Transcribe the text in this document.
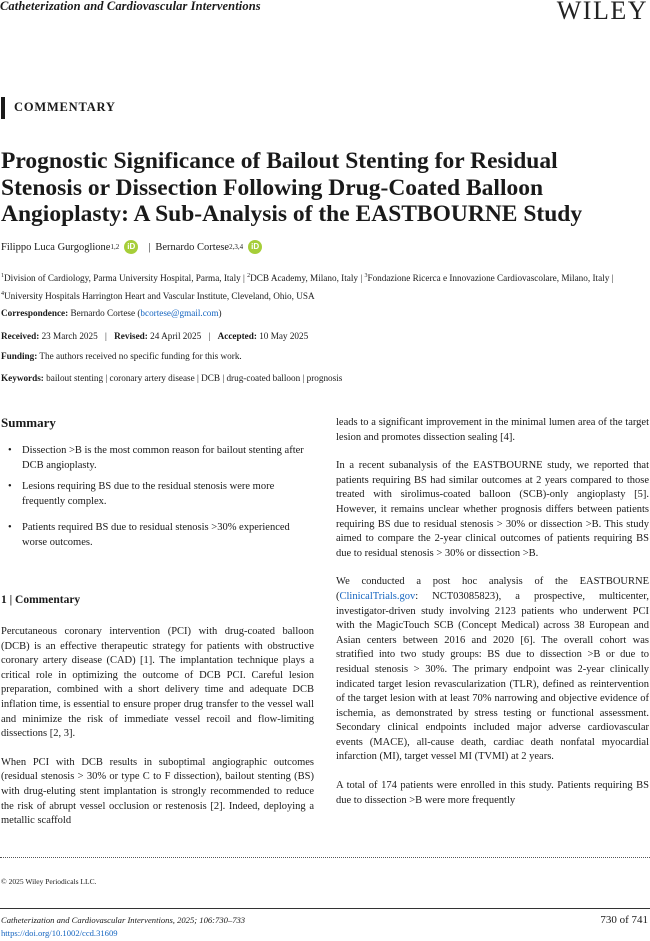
Catheterization and Cardiovascular Interventions	WILEY
COMMENTARY
Prognostic Significance of Bailout Stenting for Residual Stenosis or Dissection Following Drug-Coated Balloon Angioplasty: A Sub-Analysis of the EASTBOURNE Study
Filippo Luca Gurgoglione 1,2	iD | Bernardo Cortese 2,3,4	iD
$^1$Division of Cardiology, Parma University Hospital, Parma, Italy | $^2$DCB Academy, Milano, Italy | $^3$Fondazione Ricerca e Innovazione Cardiovascolare, Milano, Italy | $^4$University Hospitals Harrington Heart and Vascular Institute, Cleveland, Ohio, USA
Correspondence: Bernardo Cortese (bcortese@gmail.com)
Received: 23 March 2025 | Revised: 24 April 2025 | Accepted: 10 May 2025
Funding: The authors received no specific funding for this work.
Keywords: bailout stenting | coronary artery disease | DCB | drug-coated balloon | prognosis
Summary
• Dissection >B is the most common reason for bailout stenting after DCB angioplasty.
• Lesions requiring BS due to the residual stenosis were more frequently complex.
• Patients required BS due to residual stenosis >30% experienced worse outcomes.
1 | Commentary

Percutaneous coronary intervention (PCI) with drug-coated balloon (DCB) is an effective therapeutic strategy for patients with obstructive coronary artery disease (CAD) [1]. The implantation technique plays a critical role in optimizing the outcome of DCB PCI. Careful lesion preparation, combined with a short delivery time and adequate DCB inflation time, is essential to ensure proper drug transfer to the vessel wall and minimize the risk of immediate vessel recoil and flow-limiting dissections [2, 3].

When PCI with DCB results in suboptimal angiographic outcomes (residual stenosis > 30% or type C to F dissection), bailout stenting (BS) with drug-eluting stent implantation is strongly recommended to reduce the risk of abrupt vessel occlusion or restenosis [2]. Indeed, deploying a metallic scaffold

leads to a significant improvement in the minimal lumen area of the target lesion and promotes dissection sealing [4].

In a recent subanalysis of the EASTBOURNE study, we reported that patients requiring BS had similar outcomes at 2 years compared to those treated with sirolimus-coated balloon (SCB)-only angioplasty [5]. However, it remains unclear whether prognosis differs between patients requiring BS due to residual stenosis > 30% or dissection >B. This study aimed to compare the 2-year clinical outcomes of patients requiring BS due to residual stenosis > 30% or dissection >B.

We conducted a post hoc analysis of the EASTBOURNE (ClinicalTrials.gov: NCT03085823), a prospective, multicenter, investigator-driven study involving 2123 patients who underwent PCI with the MagicTouch SCB (Concept Medical) across 38 European and Asian centers between 2016 and 2020 [6]. The overall cohort was stratified into two study groups: BS due to dissection >B or due to residual stenosis > 30%. The primary endpoint was 2-year clinically indicated target lesion revascularization (TLR), defined as reintervention of the target lesion with at least 70% narrowing and objective evidence of ischemia, as demonstrated by stress testing or functional assessment. Secondary clinical endpoints included major adverse cardiovascular events (MACE), all-cause death, cardiac death nonfatal myocardial infarction (MI), target vessel MI (TVMI) at 2 years.

A total of 174 patients were enrolled in this study. Patients requiring BS due to dissection >B were more frequently

© 2025 Wiley Periodicals LLC.
Catheterization and Cardiovascular Interventions, 2025; 106:730–733
https://doi.org/10.1002/ccd.31609
730 of 741
